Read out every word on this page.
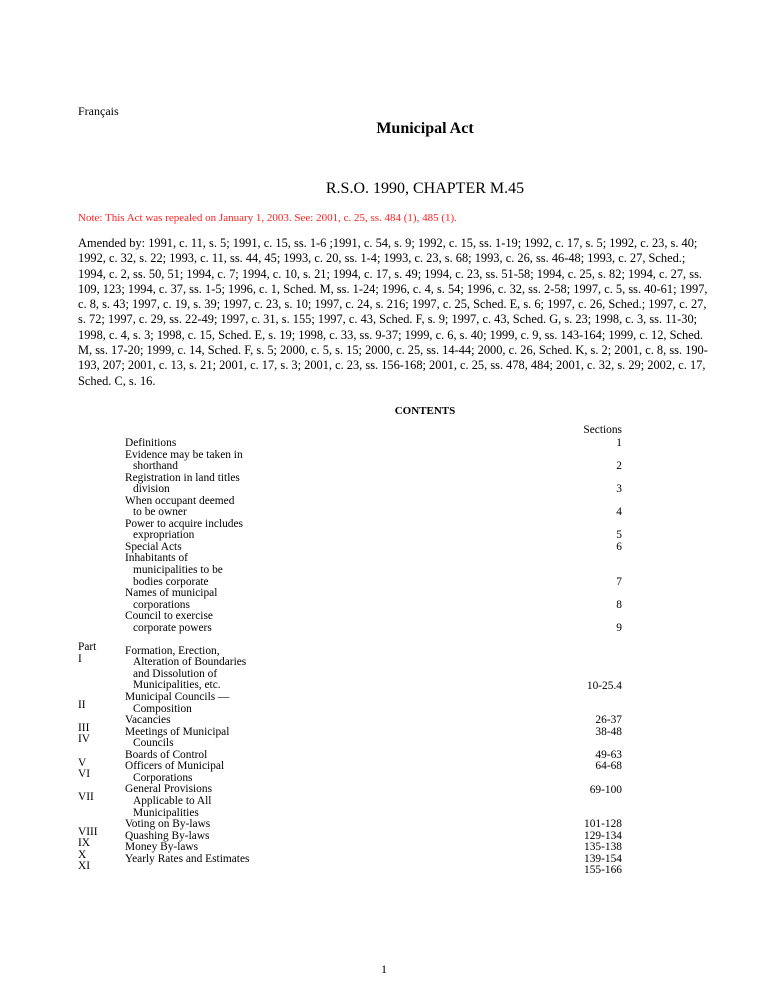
Français
Municipal Act
R.S.O. 1990, CHAPTER M.45
Note: This Act was repealed on January 1, 2003. See: 2001, c. 25, ss. 484 (1), 485 (1).
Amended by: 1991, c. 11, s. 5; 1991, c. 15, ss. 1-6 ;1991, c. 54, s. 9; 1992, c. 15, ss. 1-19; 1992, c. 17, s. 5; 1992, c. 23, s. 40; 1992, c. 32, s. 22; 1993, c. 11, ss. 44, 45; 1993, c. 20, ss. 1-4; 1993, c. 23, s. 68; 1993, c. 26, ss. 46-48; 1993, c. 27, Sched.; 1994, c. 2, ss. 50, 51; 1994, c. 7; 1994, c. 10, s. 21; 1994, c. 17, s. 49; 1994, c. 23, ss. 51-58; 1994, c. 25, s. 82; 1994, c. 27, ss. 109, 123; 1994, c. 37, ss. 1-5; 1996, c. 1, Sched. M, ss. 1-24; 1996, c. 4, s. 54; 1996, c. 32, ss. 2-58; 1997, c. 5, ss. 40-61; 1997, c. 8, s. 43; 1997, c. 19, s. 39; 1997, c. 23, s. 10; 1997, c. 24, s. 216; 1997, c. 25, Sched. E, s. 6; 1997, c. 26, Sched.; 1997, c. 27, s. 72; 1997, c. 29, ss. 22-49; 1997, c. 31, s. 155; 1997, c. 43, Sched. F, s. 9; 1997, c. 43, Sched. G, s. 23; 1998, c. 3, ss. 11-30; 1998, c. 4, s. 3; 1998, c. 15, Sched. E, s. 19; 1998, c. 33, ss. 9-37; 1999, c. 6, s. 40; 1999, c. 9, ss. 143-164; 1999, c. 12, Sched. M, ss. 17-20; 1999, c. 14, Sched. F, s. 5; 2000, c. 5, s. 15; 2000, c. 25, ss. 14-44; 2000, c. 26, Sched. K, s. 2; 2001, c. 8, ss. 190-193, 207; 2001, c. 13, s. 21; 2001, c. 17, s. 3; 2001, c. 23, ss. 156-168; 2001, c. 25, ss. 478, 484; 2001, c. 32, s. 29; 2002, c. 17, Sched. C, s. 16.
CONTENTS
Sections
Part
I
II
III
IV
V
VI
VII
VIII
IX
X
XI
Definitions
Evidence may be taken in
shorthand
Registration in land titles
division
When occupant deemed
to be owner
Power to acquire includes
expropriation
Special Acts
Inhabitants of
municipalities to be
bodies corporate
Names of municipal
corporations
Council to exercise
corporate powers
Formation, Erection,
Alteration of Boundaries
and Dissolution of
Municipalities, etc.
Municipal Councils —
Composition
Vacancies
Meetings of Municipal
Councils
Boards of Control
Officers of Municipal
Corporations
General Provisions
Applicable to All
Municipalities
Voting on By-laws
Quashing By-laws
Money By-laws
Yearly Rates and Estimates
1
2
3
4
5
6
7
8
9
10-25.4
26-37
38-48
49-63
64-68
69-100
101-128
129-134
135-138
139-154
155-166
1
